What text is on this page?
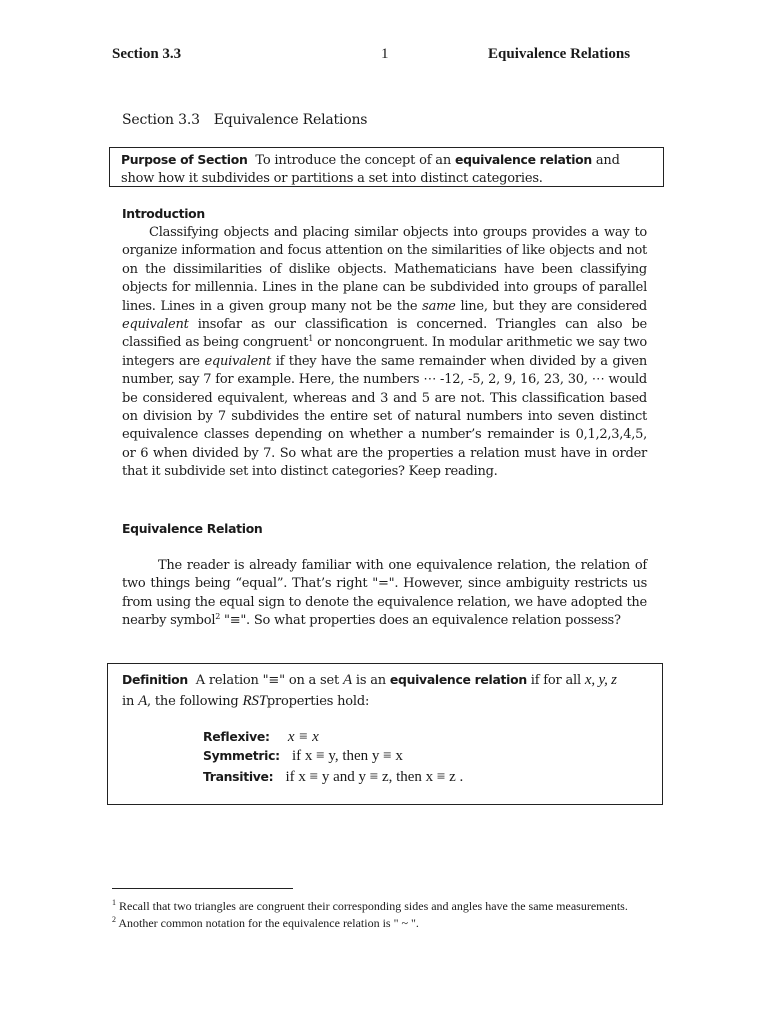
Section 3.3	1	Equivalence Relations
Section 3.3 Equivalence Relations
Purpose of Section To introduce the concept of an equivalence relation and show how it subdivides or partitions a set into distinct categories.
Introduction

Classifying objects and placing similar objects into groups provides a way to organize information and focus attention on the similarities of like objects and not on the dissimilarities of dislike objects. Mathematicians have been classifying objects for millennia. Lines in the plane can be subdivided into groups of parallel lines. Lines in a given group many not be the same line, but they are considered equivalent insofar as our classification is concerned. Triangles can also be classified as being congruent$^1$ or noncongruent. In modular arithmetic we say two integers are equivalent if they have the same remainder when divided by a given number, say 7 for example. Here, the numbers ⋯ -12, -5, 2, 9, 16, 23, 30, ⋯ would be considered equivalent, whereas and 3 and 5 are not. This classification based on division by 7 subdivides the entire set of natural numbers into seven distinct equivalence classes depending on whether a number’s remainder is 0,1,2,3,4,5, or 6 when divided by 7. So what are the properties a relation must have in order that it subdivide set into distinct categories? Keep reading.

Equivalence Relation

The reader is already familiar with one equivalence relation, the relation of two things being “equal”. That’s right "=". However, since ambiguity restricts us from using the equal sign to denote the equivalence relation, we have adopted the nearby symbol$^2$ "≡". So what properties does an equivalence relation possess?

Definition A relation "≡" on a set A is an equivalence relation if for all x, y, z
in A, the following RSTproperties hold:
Reflexive: x ≡ x
Symmetric: if x ≡ y, then y ≡ x
Transitive: if x ≡ y and y ≡ z, then x ≡ z .
$^1$ Recall that two triangles are congruent their corresponding sides and angles have the same measurements.
$^2$ Another common notation for the equivalence relation is " ~ ".
